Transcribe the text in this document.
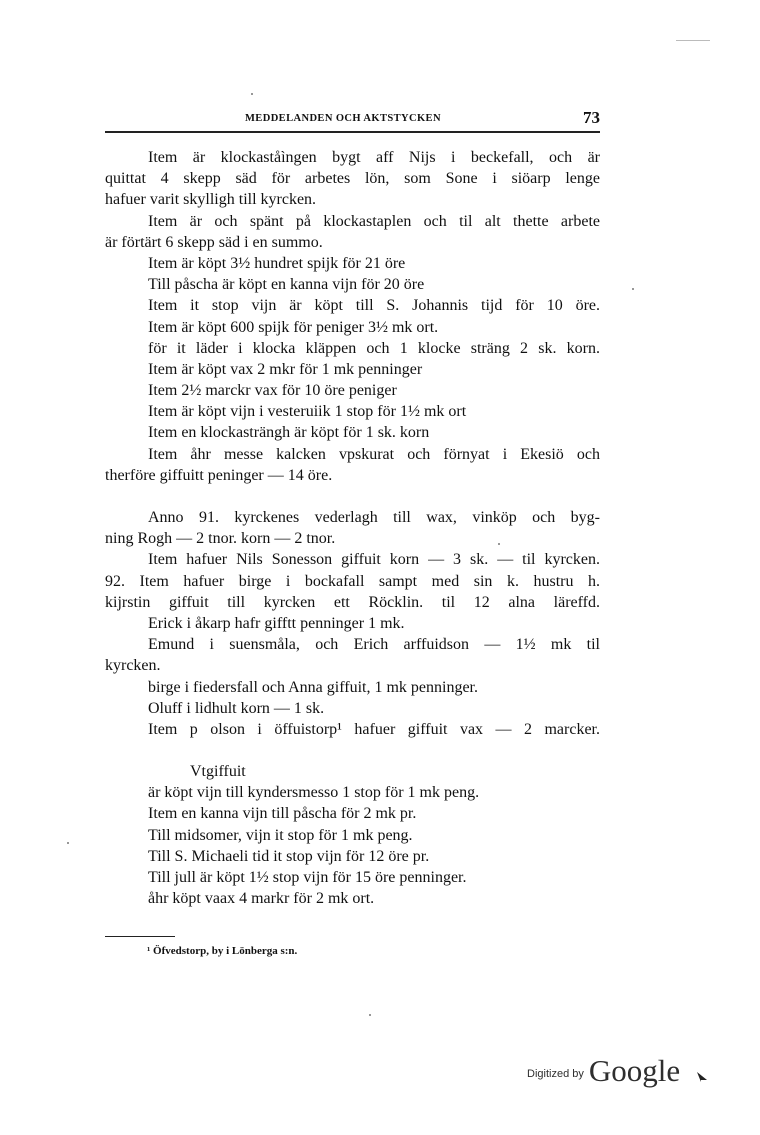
MEDDELANDEN OCH AKTSTYCKEN	73
Item är klockaståìngen bygt aff Nijs i beckefall, och är
quittat 4 skepp säd för arbetes lön, som Sone i siöarp lenge
hafuer varit skylligh till kyrcken.
Item är och spänt på klockastaplen och til alt thette arbete
är förtärt 6 skepp säd i en summo.
Item är köpt 3½ hundret spijk för 21 öre
Till påscha är köpt en kanna vijn för 20 öre
Item it stop vijn är köpt till S. Johannis tijd för 10 öre.
Item är köpt 600 spijk för peniger 3½ mk ort.
för it läder i klocka kläppen och 1 klocke sträng 2 sk. korn.
Item är köpt vax 2 mkr för 1 mk penninger
Item 2½ marckr vax för 10 öre peniger
Item är köpt vijn i vesteruiik 1 stop för 1½ mk ort
Item en klockasträngh är köpt för 1 sk. korn
Item åhr messe kalcken vpskurat och förnyat i Ekesiö och
therföre giffuitt peninger — 14 öre.
Anno 91. kyrckenes vederlagh till wax, vinköp och byg-
ning Rogh — 2 tnor. korn — 2 tnor.
Item hafuer Nils Sonesson giffuit korn — 3 sk. — til kyrcken.
92. Item hafuer birge i bockafall sampt med sin k. hustru h.
kijrstin giffuit till kyrcken ett Röcklin. til 12 alna läreffd.
Erick i åkarp hafr gifftt penninger 1 mk.
Emund i suensmåla, och Erich arffuidson — 1½ mk til
kyrcken.
birge i fiedersfall och Anna giffuit, 1 mk penninger.
Oluff i lidhult korn — 1 sk.
Item p olson i öffuistorp¹ hafuer giffuit vax — 2 marcker.
Vtgiffuit
är köpt vijn till kyndersmesso 1 stop för 1 mk peng.
Item en kanna vijn till påscha för 2 mk pr.
Till midsomer, vijn it stop för 1 mk peng.
Till S. Michaeli tid it stop vijn för 12 öre pr.
Till jull är köpt 1½ stop vijn för 15 öre penninger.
åhr köpt vaax 4 markr för 2 mk ort.
¹ Öfvedstorp, by i Lönberga s:n.
$^{Digitized by}$ Google
